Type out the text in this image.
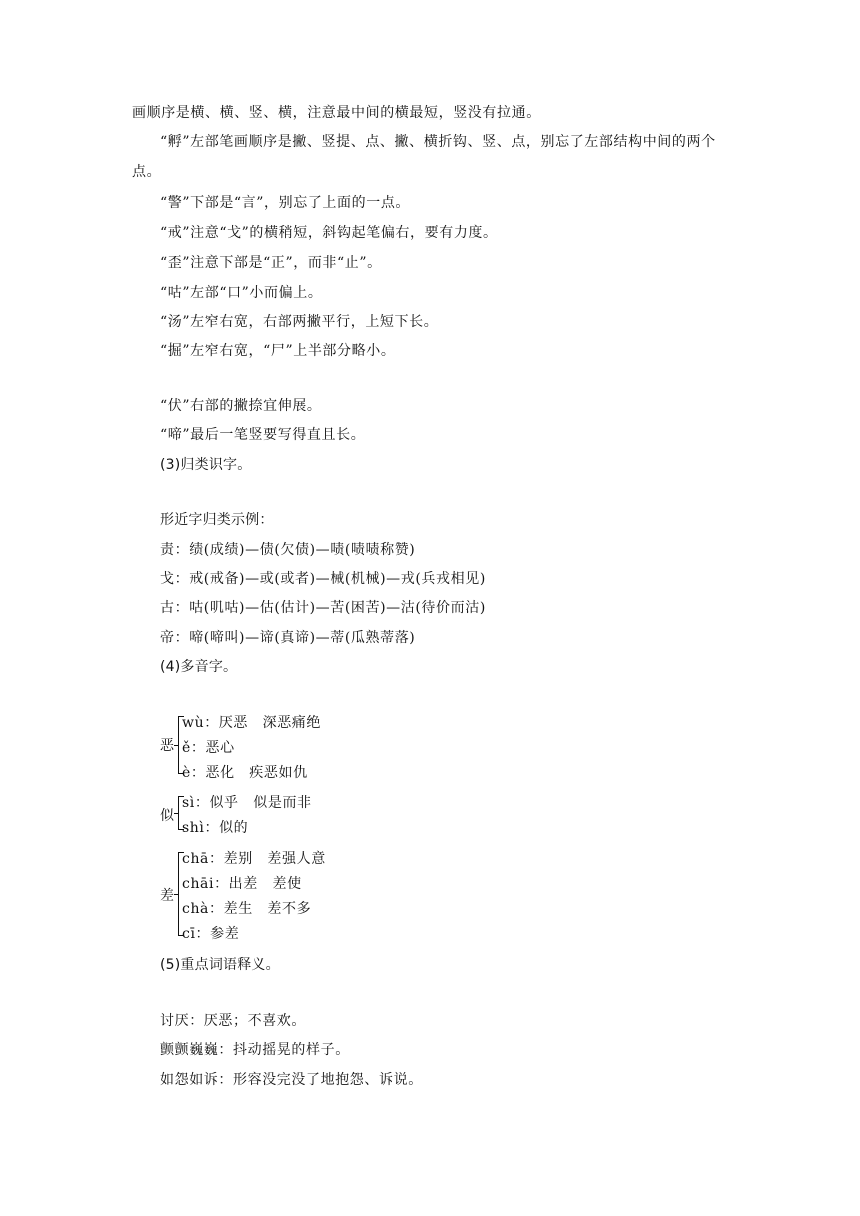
画顺序是横、横、竖、横，注意最中间的横最短，竖没有拉通。
“孵”左部笔画顺序是撇、竖提、点、撇、横折钩、竖、点，别忘了左部结构中间的两个点。
“警”下部是“言”，别忘了上面的一点。
“戒”注意“戈”的横稍短，斜钩起笔偏右，要有力度。
“歪”注意下部是“正”，而非“止”。
“咕”左部“口”小而偏上。
“汤”左窄右宽，右部两撇平行，上短下长。
“掘”左窄右宽，“尸”上半部分略小。
“伏”右部的撇捺宜伸展。
“啼”最后一笔竖要写得直且长。
(3)归类识字。
形近字归类示例：
责：绩(成绩)—债(欠债)—啧(啧啧称赞)
戈：戒(戒备)—或(或者)—械(机械)—戎(兵戎相见)
古：咕(叽咕)—估(估计)—苦(困苦)—沽(待价而沽)
帝：啼(啼叫)—谛(真谛)—蒂(瓜熟蒂落)
(4)多音字。
恶
wù：厌恶　深恶痛绝
ě：恶心
è：恶化　疾恶如仇
似
sì：似乎　似是而非
shì：似的
差
chā：差别　差强人意
chāi：出差　差使
chà：差生　差不多
cī：参差
(5)重点词语释义。
讨厌：厌恶；不喜欢。
颤颤巍巍：抖动摇晃的样子。
如怨如诉：形容没完没了地抱怨、诉说。
